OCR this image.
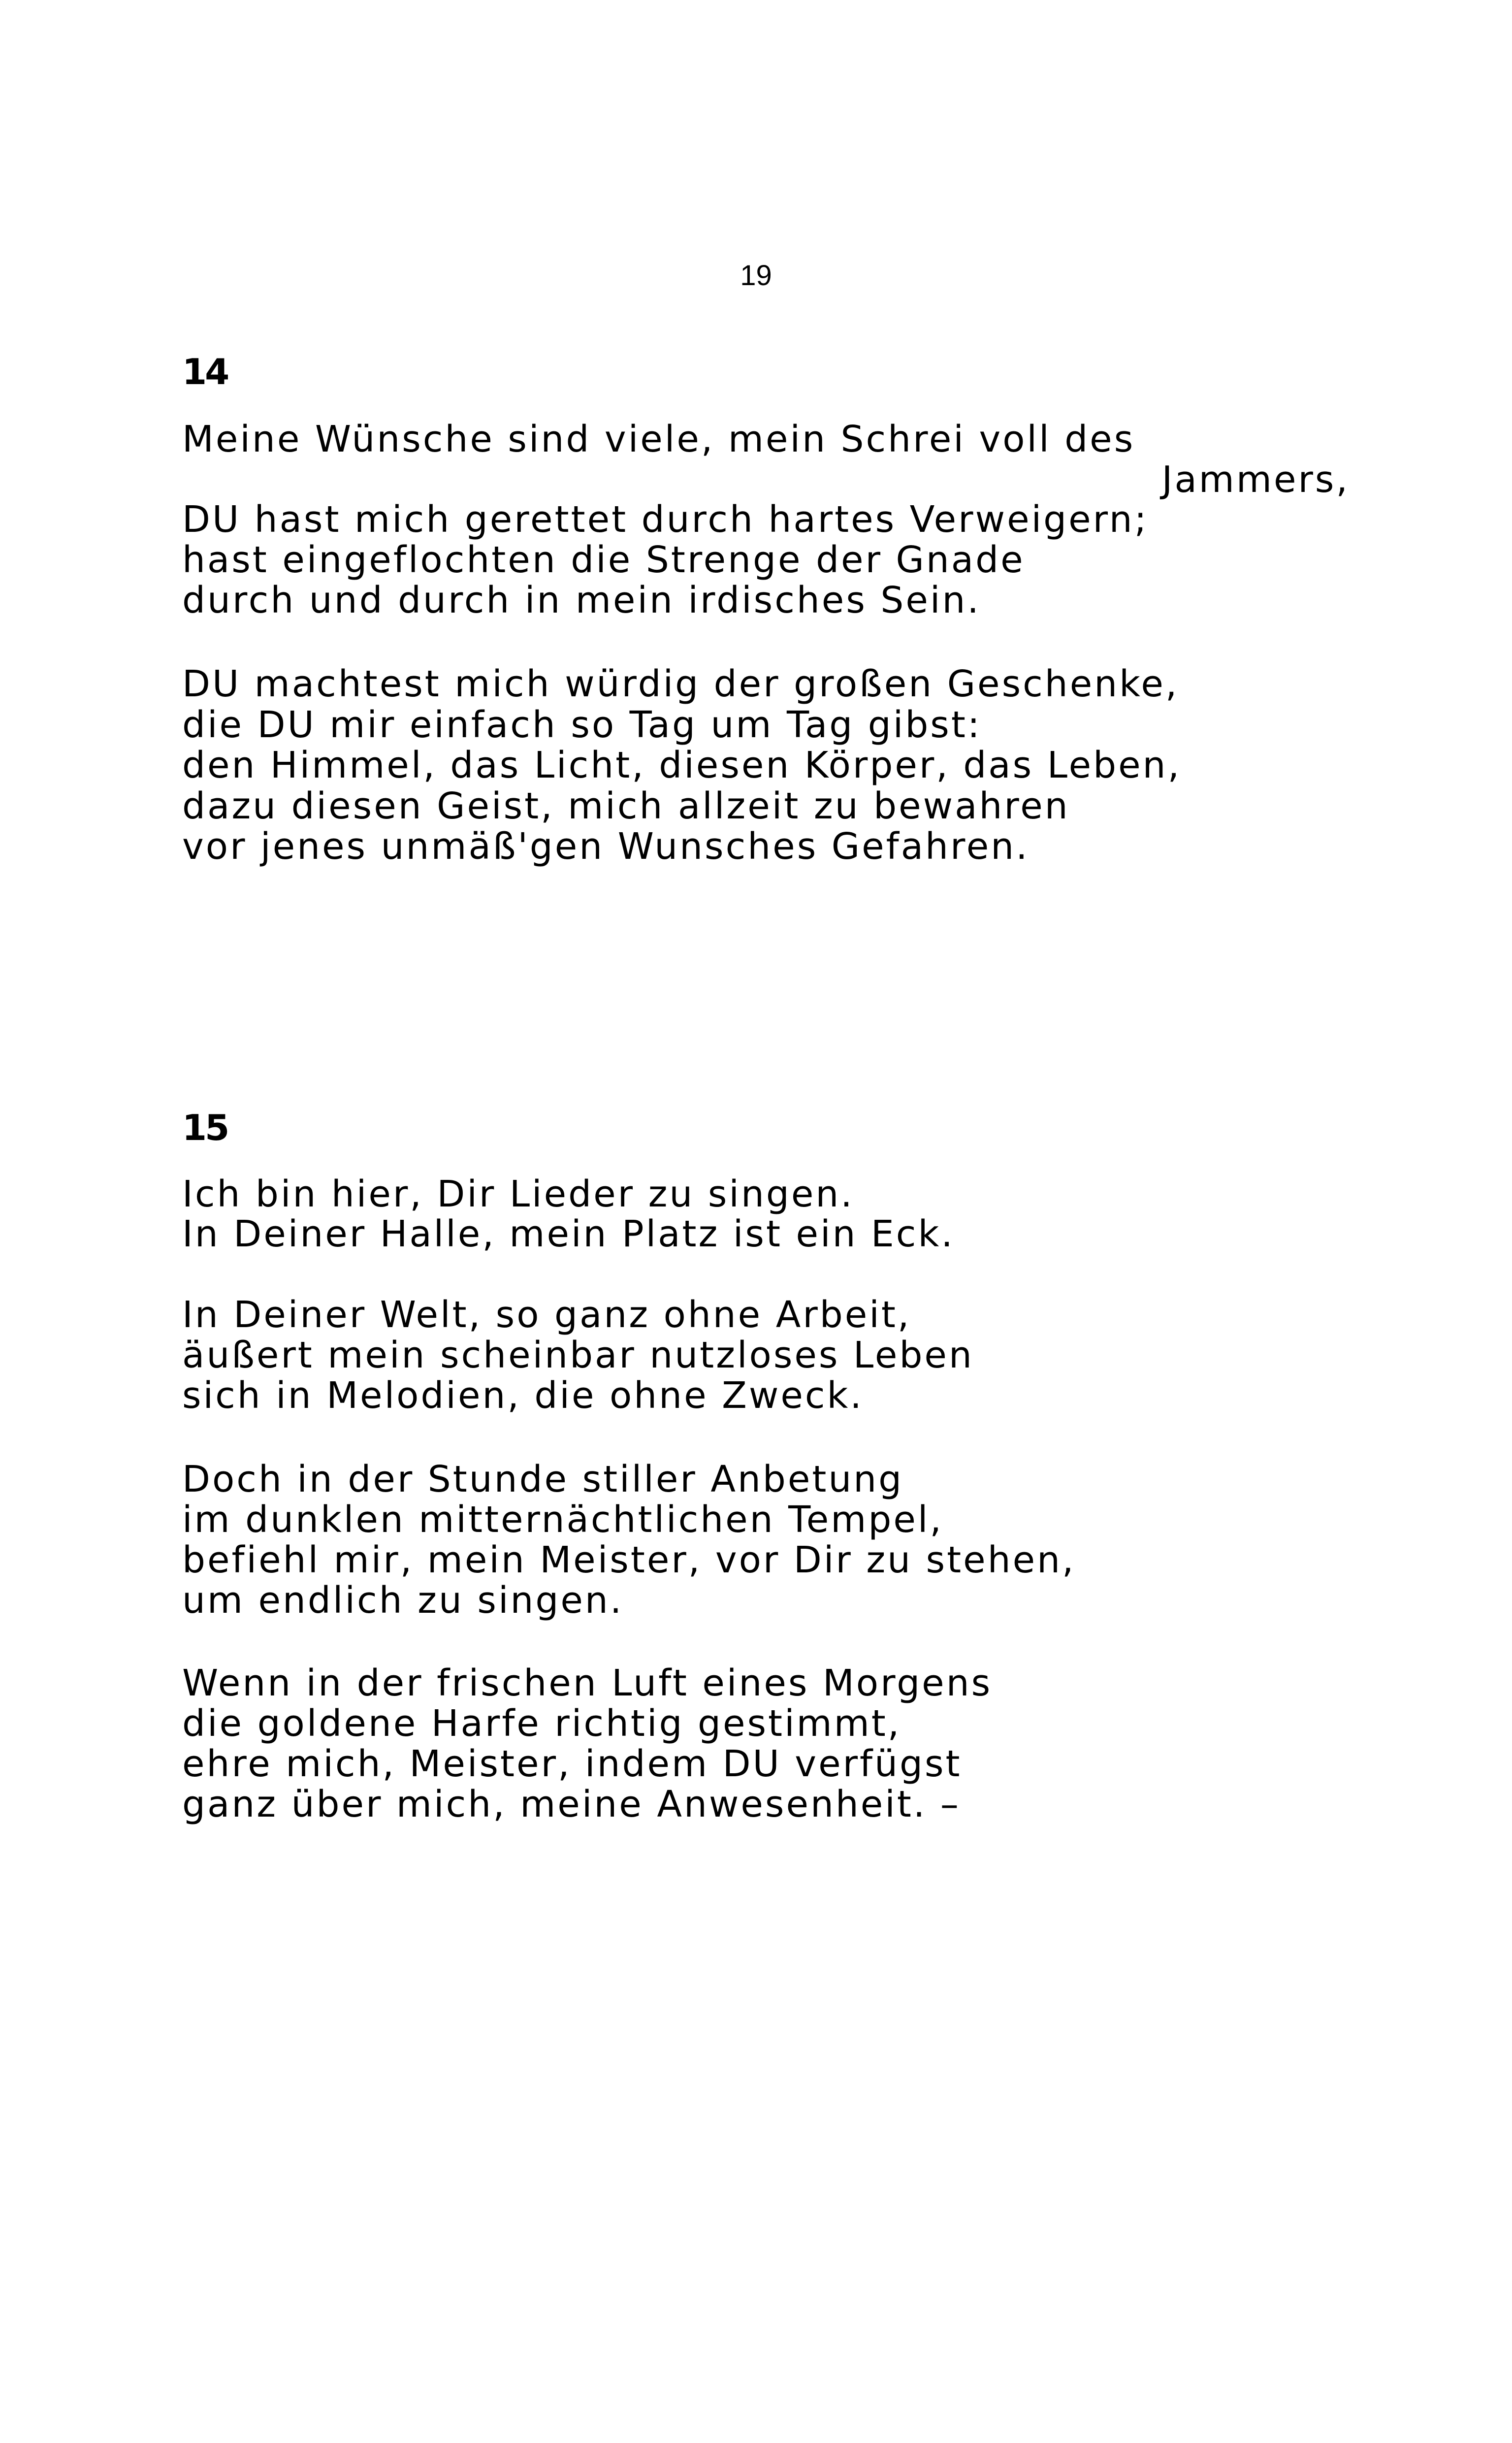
19
14
Meine Wünsche sind viele, mein Schrei voll des
Jammers,
DU hast mich gerettet durch hartes Verweigern;
hast eingeflochten die Strenge der Gnade
durch und durch in mein irdisches Sein.
DU machtest mich würdig der großen Geschenke,
die DU mir einfach so Tag um Tag gibst:
den Himmel, das Licht, diesen Körper, das Leben,
dazu diesen Geist, mich allzeit zu bewahren
vor jenes unmäß'gen Wunsches Gefahren.
15
Ich bin hier, Dir Lieder zu singen.
In Deiner Halle, mein Platz ist ein Eck.
In Deiner Welt, so ganz ohne Arbeit,
äußert mein scheinbar nutzloses Leben
sich in Melodien, die ohne Zweck.
Doch in der Stunde stiller Anbetung
im dunklen mitternächtlichen Tempel,
befiehl mir, mein Meister, vor Dir zu stehen,
um endlich zu singen.
Wenn in der frischen Luft eines Morgens
die goldene Harfe richtig gestimmt,
ehre mich, Meister, indem DU verfügst
ganz über mich, meine Anwesenheit. –
